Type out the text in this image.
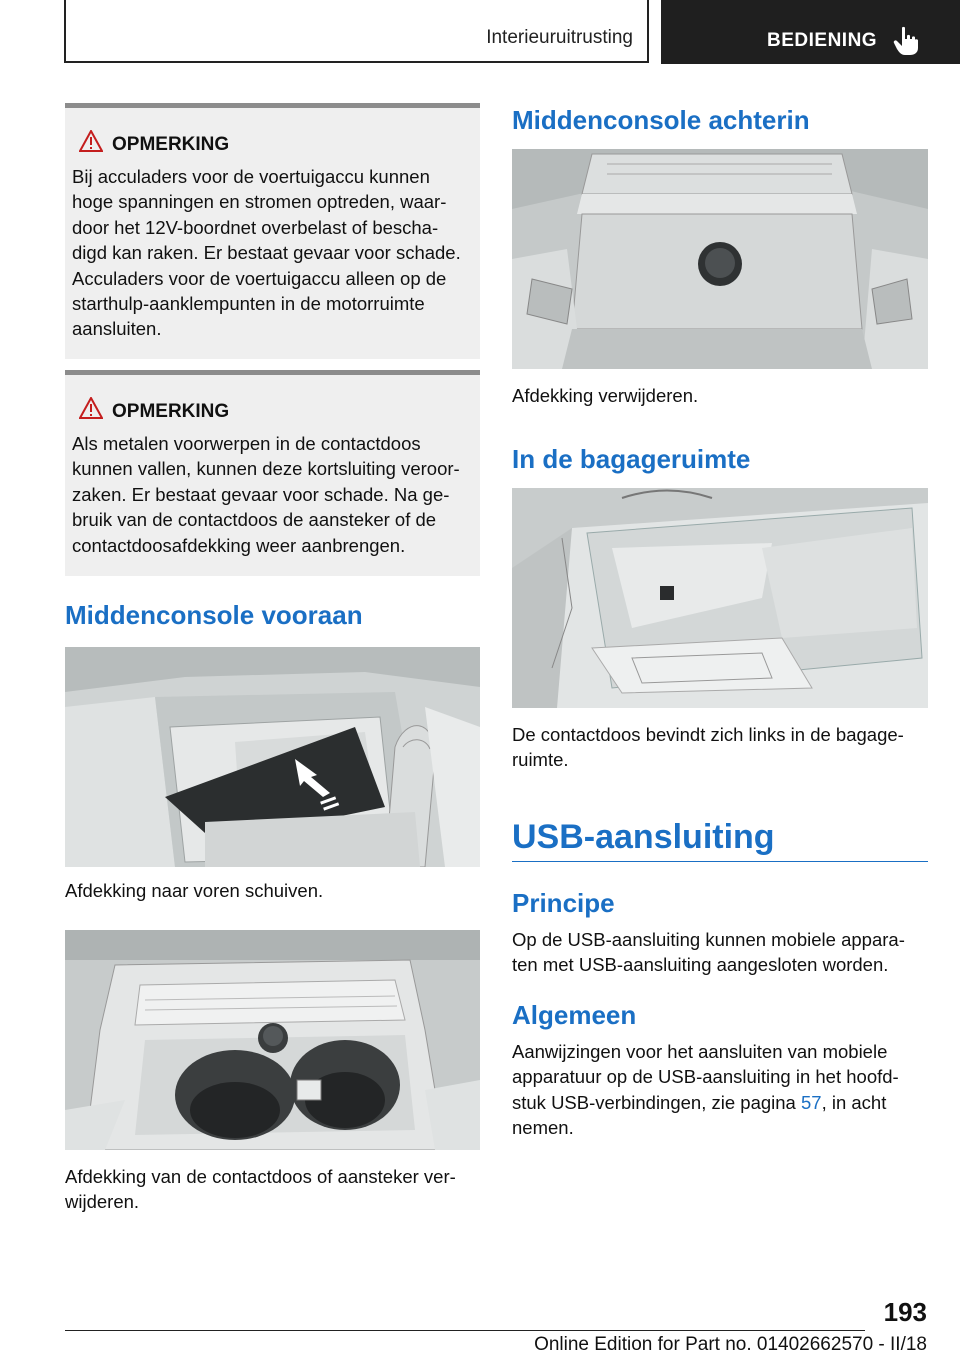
Interieuruitrusting	BEDIENING
OPMERKING
Bij acculaders voor de voertuigaccu kunnen
hoge spanningen en stromen optreden, waar-
door het 12V-boordnet overbelast of bescha-
digd kan raken. Er bestaat gevaar voor schade.
Acculaders voor de voertuigaccu alleen op de
starthulp-aanklempunten in de motorruimte
aansluiten.
OPMERKING
Als metalen voorwerpen in de contactdoos
kunnen vallen, kunnen deze kortsluiting veroor-
zaken. Er bestaat gevaar voor schade. Na ge-
bruik van de contactdoos de aansteker of de
contactdoosafdekking weer aanbrengen.
Middenconsole vooraan
Afdekking naar voren schuiven.
Afdekking van de contactdoos of aansteker ver-
wijderen.
Middenconsole achterin
Afdekking verwijderen.
In de bagageruimte
De contactdoos bevindt zich links in de bagage-
ruimte.
USB-aansluiting
Principe
Op de USB-aansluiting kunnen mobiele appara-
ten met USB-aansluiting aangesloten worden.
Algemeen
Aanwijzingen voor het aansluiten van mobiele
apparatuur op de USB-aansluiting in het hoofd-
stuk USB-verbindingen, zie pagina 57, in acht
nemen.
193
Online Edition for Part no. 01402662570 - II/18
